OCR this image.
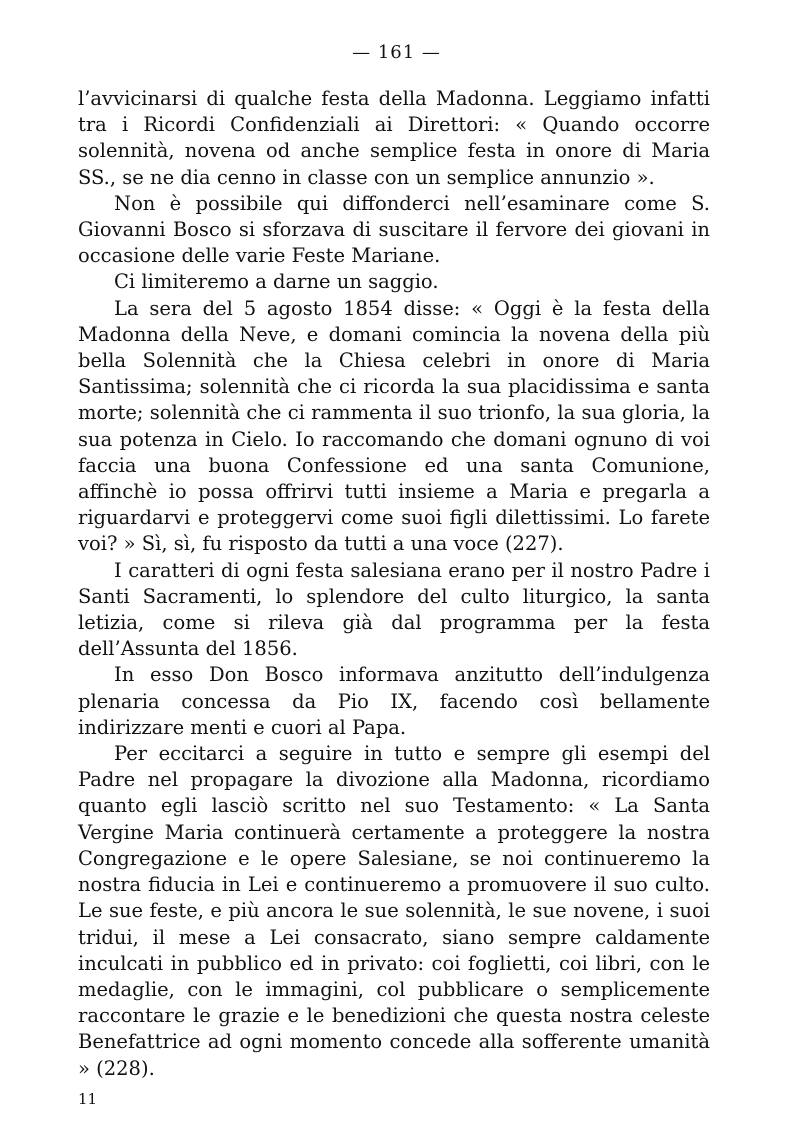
— 161 —

l’avvicinarsi di qualche festa della Madonna. Leggiamo infatti tra i Ricordi Confidenziali ai Direttori: « Quando occorre solennità, novena od anche semplice festa in onore di Maria SS., se ne dia cenno in classe con un semplice annunzio ».

Non è possibile qui diffonderci nell’esaminare come S. Giovanni Bosco si sforzava di suscitare il fervore dei giovani in occasione delle varie Feste Mariane.

Ci limiteremo a darne un saggio.

La sera del 5 agosto 1854 disse: « Oggi è la festa della Madonna della Neve, e domani comincia la novena della più bella Solennità che la Chiesa celebri in onore di Maria Santissima; solennità che ci ricorda la sua placidissima e santa morte; solennità che ci rammenta il suo trionfo, la sua gloria, la sua potenza in Cielo. Io raccomando che domani ognuno di voi faccia una buona Confessione ed una santa Comunione, affinchè io possa offrirvi tutti insieme a Maria e pregarla a riguardarvi e proteggervi come suoi figli dilettissimi. Lo farete voi? » Sì, sì, fu risposto da tutti a una voce (227).

I caratteri di ogni festa salesiana erano per il nostro Padre i Santi Sacramenti, lo splendore del culto liturgico, la santa letizia, come si rileva già dal programma per la festa dell’Assunta del 1856.

In esso Don Bosco informava anzitutto dell’indulgenza plenaria concessa da Pio IX, facendo così bellamente indirizzare menti e cuori al Papa.

Per eccitarci a seguire in tutto e sempre gli esempi del Padre nel propagare la divozione alla Madonna, ricordiamo quanto egli lasciò scritto nel suo Testamento: « La Santa Vergine Maria continuerà certamente a proteggere la nostra Congregazione e le opere Salesiane, se noi continueremo la nostra fiducia in Lei e continueremo a promuovere il suo culto. Le sue feste, e più ancora le sue solennità, le sue novene, i suoi tridui, il mese a Lei consacrato, siano sempre caldamente inculcati in pubblico ed in privato: coi foglietti, coi libri, con le medaglie, con le immagini, col pubblicare o semplicemente raccontare le grazie e le benedizioni che questa nostra celeste Benefattrice ad ogni momento concede alla sofferente umanità » (228).

11
